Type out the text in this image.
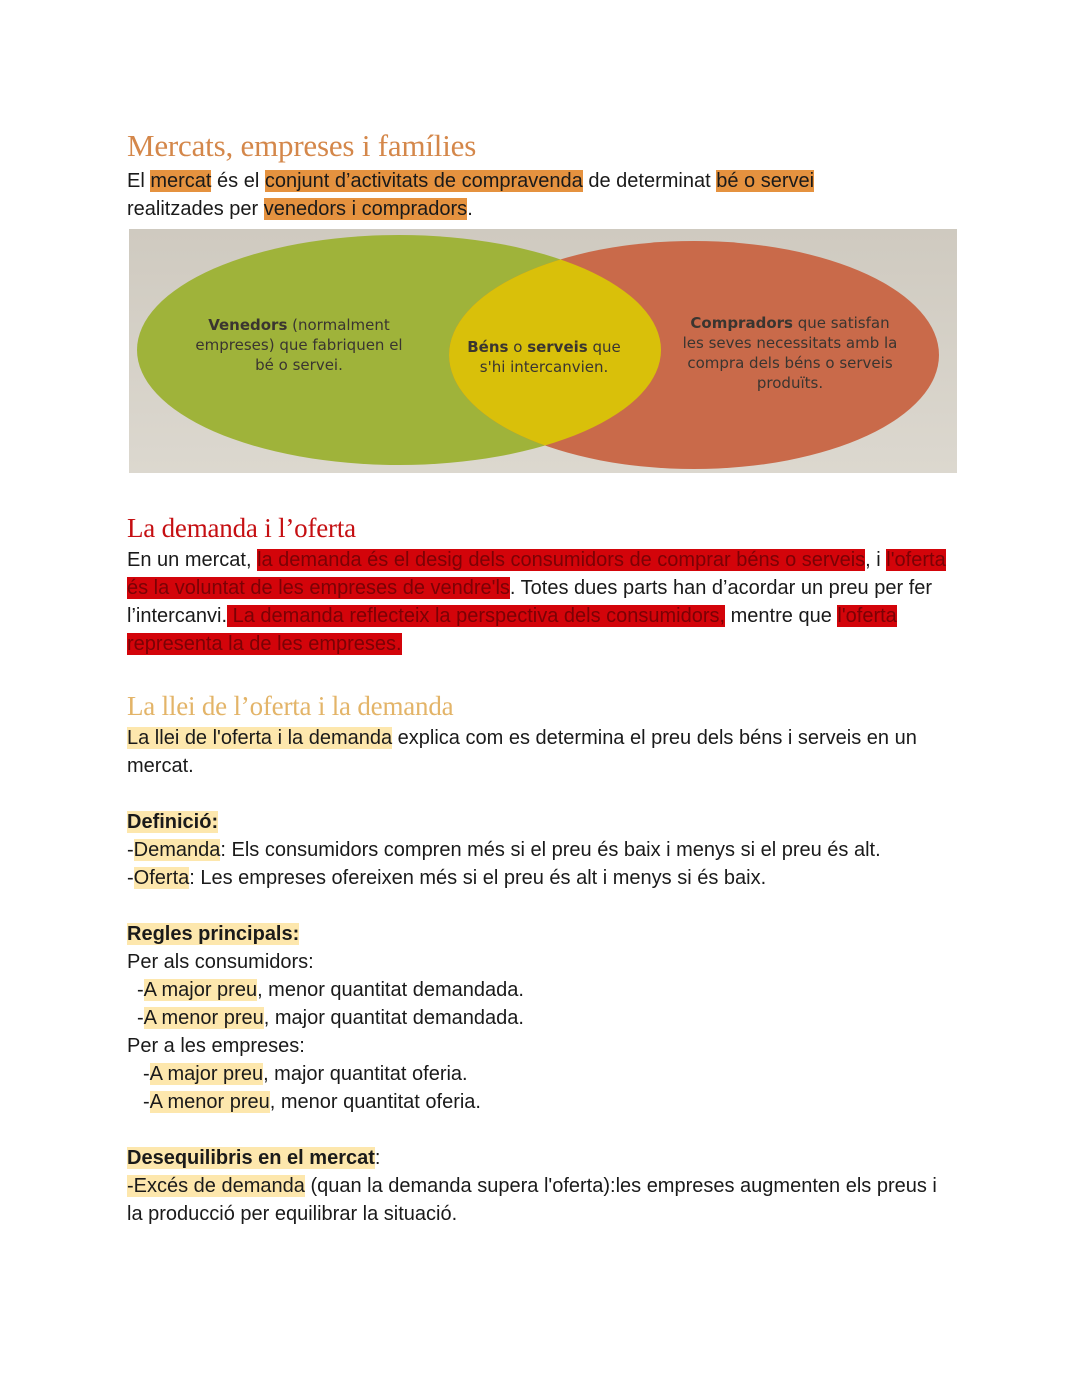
Mercats, empreses i famílies

El mercat és el conjunt d’activitats de compravenda de determinat bé o servei
realitzades per venedors i compradors.

Venedors (normalment
empreses) que fabriquen el
bé o servei.
Béns o serveis que
s'hi intercanvien.
Compradors que satisfan
les seves necessitats amb la
compra dels béns o serveis
produïts.
La demanda i l’oferta

En un mercat, la demanda és el desig dels consumidors de comprar béns o serveis, i l'oferta és la voluntat de les empreses de vendre'ls. Totes dues parts han d’acordar un preu per fer l’intercanvi. La demanda reflecteix la perspectiva dels consumidors, mentre que l'oferta representa la de les empreses.

La llei de l’oferta i la demanda

La llei de l'oferta i la demanda explica com es determina el preu dels béns i serveis en un mercat.

Definició:

-Demanda: Els consumidors compren més si el preu és baix i menys si el preu és alt.

-Oferta: Les empreses ofereixen més si el preu és alt i menys si és baix.

Regles principals:

Per als consumidors:

-A major preu, menor quantitat demandada.

-A menor preu, major quantitat demandada.

Per a les empreses:

-A major preu, major quantitat oferia.

-A menor preu, menor quantitat oferia.

Desequilibris en el mercat:

-Excés de demanda (quan la demanda supera l'oferta):les empreses augmenten els preus i la producció per equilibrar la situació.
